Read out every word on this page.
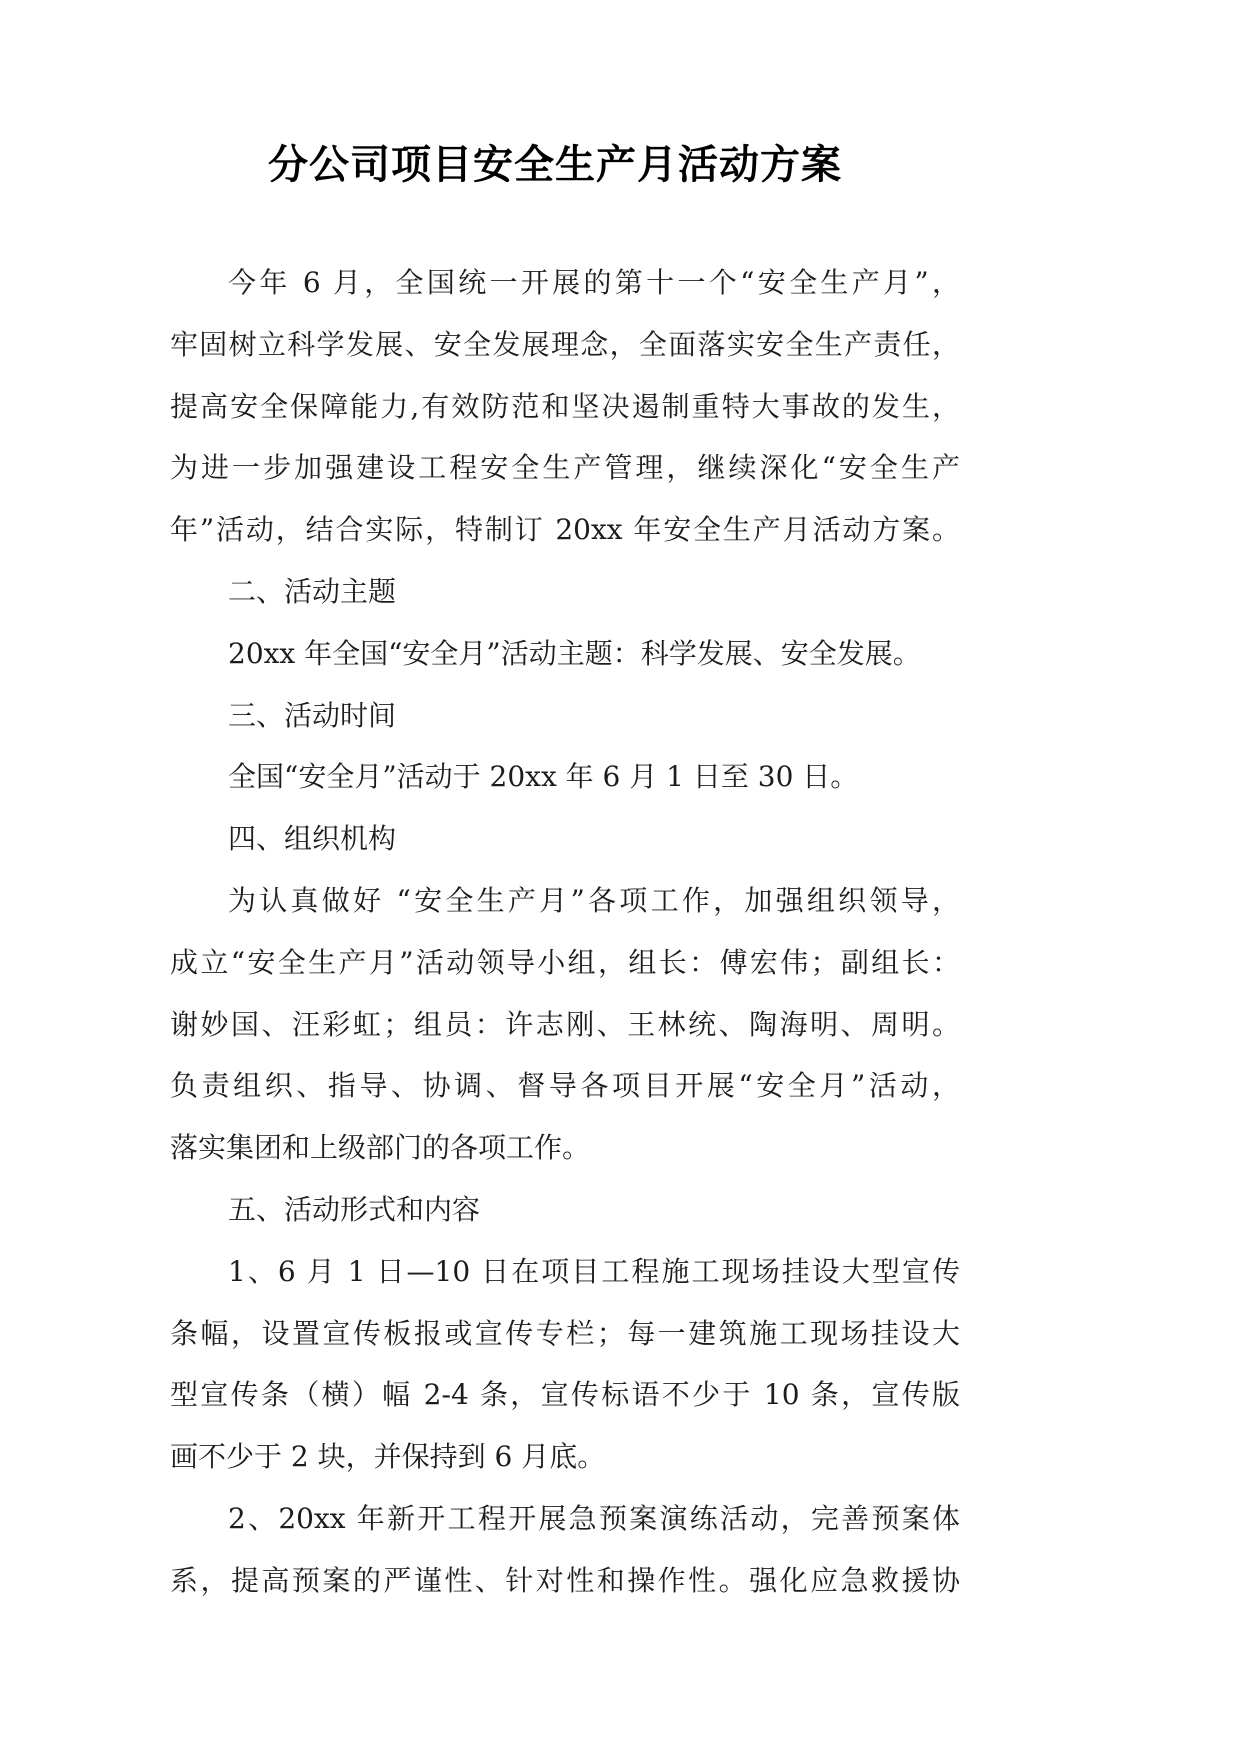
分公司项目安全生产月活动方案
今年 6 月，全国统一开展的第十一个“安全生产月”，
牢固树立科学发展、安全发展理念，全面落实安全生产责任，
提高安全保障能力,有效防范和坚决遏制重特大事故的发生，
为进一步加强建设工程安全生产管理，继续深化“安全生产
年”活动，结合实际，特制订 20xx 年安全生产月活动方案。
二、活动主题
20xx 年全国“安全月”活动主题：科学发展、安全发展。
三、活动时间
全国“安全月”活动于 20xx 年 6 月 1 日至 30 日。
四、组织机构
为认真做好 “安全生产月”各项工作，加强组织领导，
成立“安全生产月”活动领导小组，组长：傅宏伟；副组长：
谢妙国、汪彩虹；组员：许志刚、王林统、陶海明、周明。
负责组织、指导、协调、督导各项目开展“安全月”活动，
落实集团和上级部门的各项工作。
五、活动形式和内容
1、6 月 1 日—10 日在项目工程施工现场挂设大型宣传
条幅，设置宣传板报或宣传专栏；每一建筑施工现场挂设大
型宣传条（横）幅 2-4 条，宣传标语不少于 10 条，宣传版
画不少于 2 块，并保持到 6 月底。
2、20xx 年新开工程开展急预案演练活动，完善预案体
系，提高预案的严谨性、针对性和操作性。强化应急救援协
